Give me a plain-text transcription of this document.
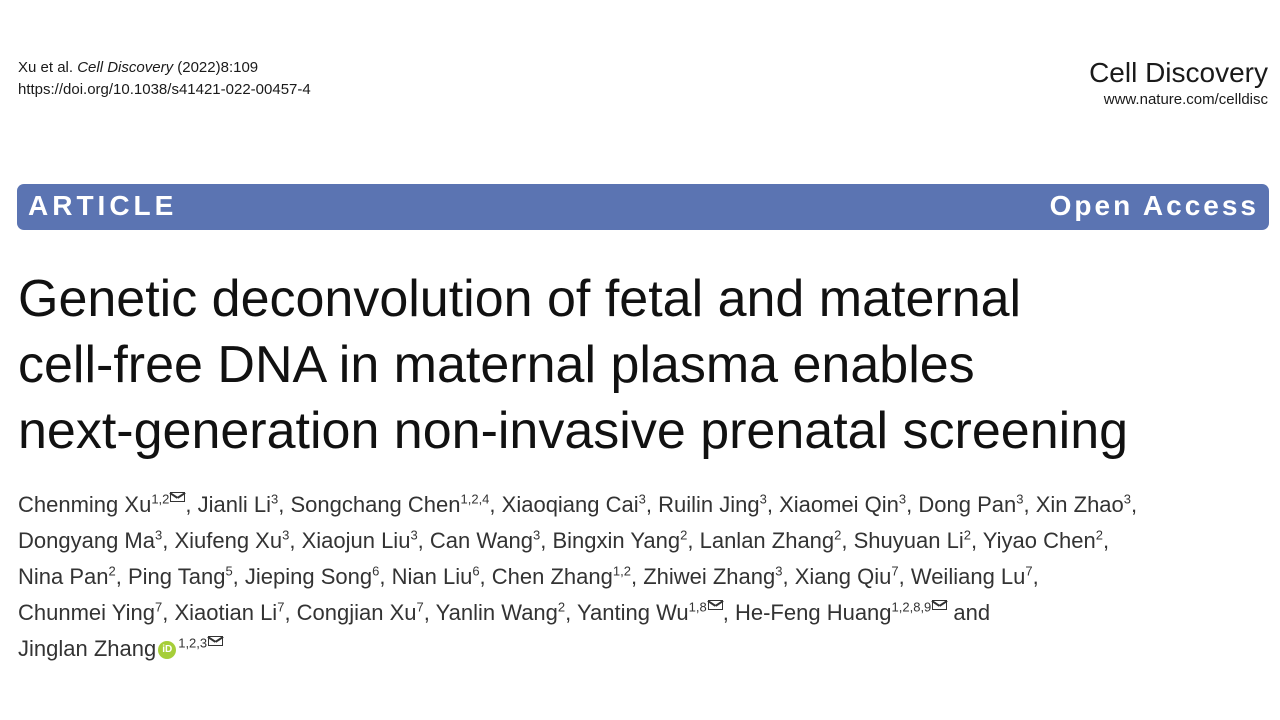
Xu et al. Cell Discovery (2022)8:109
https://doi.org/10.1038/s41421-022-00457-4
Cell Discovery
www.nature.com/celldisc
ARTICLE	Open Access
Genetic deconvolution of fetal and maternal
cell-free DNA in maternal plasma enables
next-generation non-invasive prenatal screening
Chenming Xu$^{1,2}$ , Jianli Li$^3$, Songchang Chen$^{1,2,4}$, Xiaoqiang Cai$^3$, Ruilin Jing$^3$, Xiaomei Qin$^3$, Dong Pan$^3$, Xin Zhao$^3$,
Dongyang Ma$^3$, Xiufeng Xu$^3$, Xiaojun Liu$^3$, Can Wang$^3$, Bingxin Yang$^2$, Lanlan Zhang$^2$, Shuyuan Li$^2$, Yiyao Chen$^2$,
Nina Pan$^2$, Ping Tang$^5$, Jieping Song$^6$, Nian Liu$^6$, Chen Zhang$^{1,2}$, Zhiwei Zhang$^3$, Xiang Qiu$^7$, Weiliang Lu$^7$,
Chunmei Ying$^7$, Xiaotian Li$^7$, Congjian Xu$^7$, Yanlin Wang$^2$, Yanting Wu$^{1,8}$ , He-Feng Huang$^{1,2,8,9}$ and
Jinglan Zhang iD $^{1,2,3}$
